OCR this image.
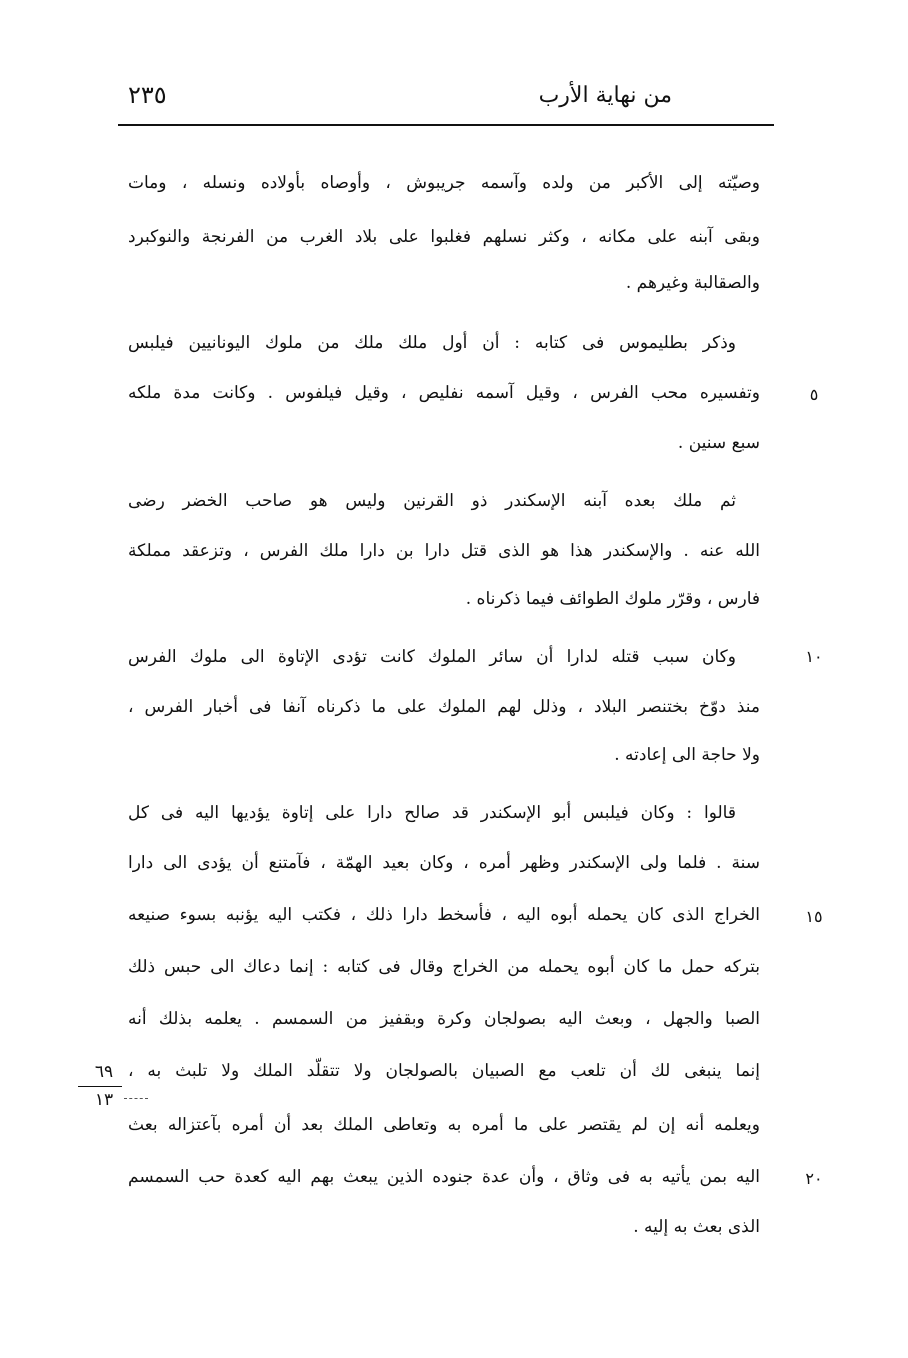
من نهاية الأرب
٢٣٥
وصيّته إلى الأكبر من ولده وآسمه جريبوش ، وأوصاه بأولاده ونسله ، ومات
وبقى آبنه على مكانه ، وكثر نسلهم فغلبوا على بلاد الغرب من الفرنجة والنوكبرد
والصقالبة وغيرهم .
وذكر بطليموس فى كتابه : أن أول ملك ملك من ملوك اليونانيين فيلبس
وتفسيره محب الفرس ، وقيل آسمه نفليص ، وقيل فيلفوس . وكانت مدة ملكه
سبع سنين .
ثم ملك بعده آبنه الإسكندر ذو القرنين وليس هو صاحب الخضر رضى
الله عنه . والإسكندر هذا هو الذى قتل دارا بن دارا ملك الفرس ، وتزعقد مملكة
فارس ، وقرّر ملوك الطوائف فيما ذكرناه .
وكان سبب قتله لدارا أن سائر الملوك كانت تؤدى الإتاوة الى ملوك الفرس
منذ دوّخ بختنصر البلاد ، وذلل لهم الملوك على ما ذكرناه آنفا فى أخبار الفرس ،
ولا حاجة الى إعادته .
قالوا : وكان فيلبس أبو الإسكندر قد صالح دارا على إتاوة يؤديها اليه فى كل
سنة . فلما ولى الإسكندر وظهر أمره ، وكان بعيد الهمّة ، فآمتنع أن يؤدى الى دارا
الخراج الذى كان يحمله أبوه اليه ، فأسخط دارا ذلك ، فكتب اليه يؤنبه بسوء صنيعه
بتركه حمل ما كان أبوه يحمله من الخراج وقال فى كتابه : إنما دعاك الى حبس ذلك
الصبا والجهل ، وبعث اليه بصولجان وكرة وبقفيز من السمسم . يعلمه بذلك أنه
إنما ينبغى لك أن تلعب مع الصبيان بالصولجان ولا تتقلّد الملك ولا تلبث به ،
ويعلمه أنه إن لم يقتصر على ما أمره به وتعاطى الملك بعد أن أمره بآعتزاله بعث
اليه بمن يأتيه به فى وثاق ، وأن عدة جنوده الذين يبعث بهم اليه كعدة حب السمسم
الذى بعث به إليه .
٥
١٠
١٥
٢٠
٦٩
١٣
